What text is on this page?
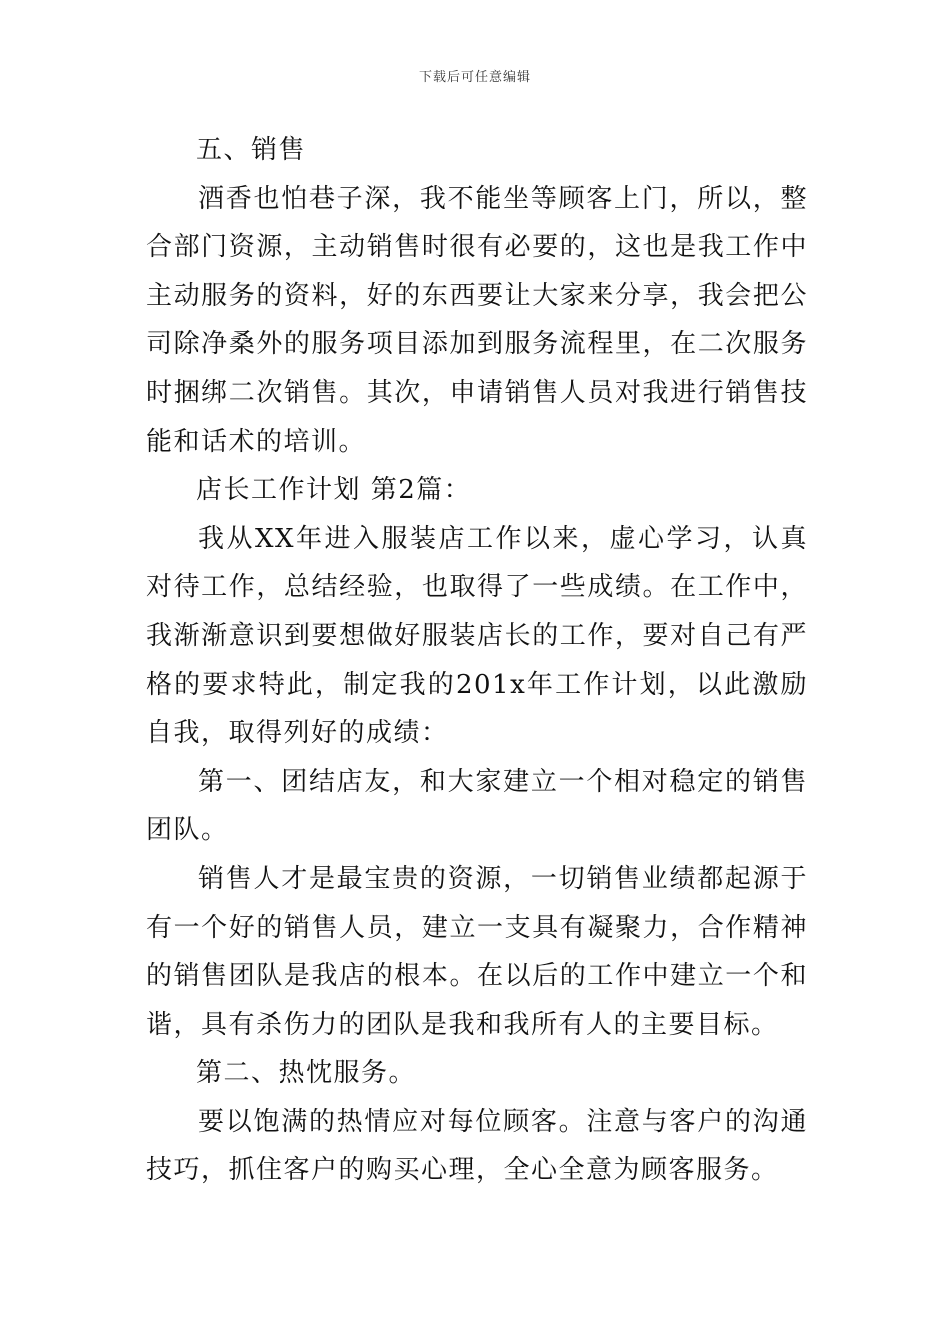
下载后可任意编辑

五、销售

酒香也怕巷子深，我不能坐等顾客上门，所以，整合部门资源，主动销售时很有必要的，这也是我工作中主动服务的资料，好的东西要让大家来分享，我会把公司除净桑外的服务项目添加到服务流程里，在二次服务时捆绑二次销售。其次，申请销售人员对我进行销售技能和话术的培训。

店长工作计划 第2篇：

我从XX年进入服装店工作以来，虚心学习，认真对待工作，总结经验，也取得了一些成绩。在工作中，我渐渐意识到要想做好服装店长的工作，要对自己有严格的要求特此，制定我的201x年工作计划，以此激励自我，取得列好的成绩：

第一、团结店友，和大家建立一个相对稳定的销售团队。

销售人才是最宝贵的资源，一切销售业绩都起源于有一个好的销售人员，建立一支具有凝聚力，合作精神的销售团队是我店的根本。在以后的工作中建立一个和谐，具有杀伤力的团队是我和我所有人的主要目标。

第二、热忱服务。

要以饱满的热情应对每位顾客。注意与客户的沟通技巧，抓住客户的购买心理，全心全意为顾客服务。
